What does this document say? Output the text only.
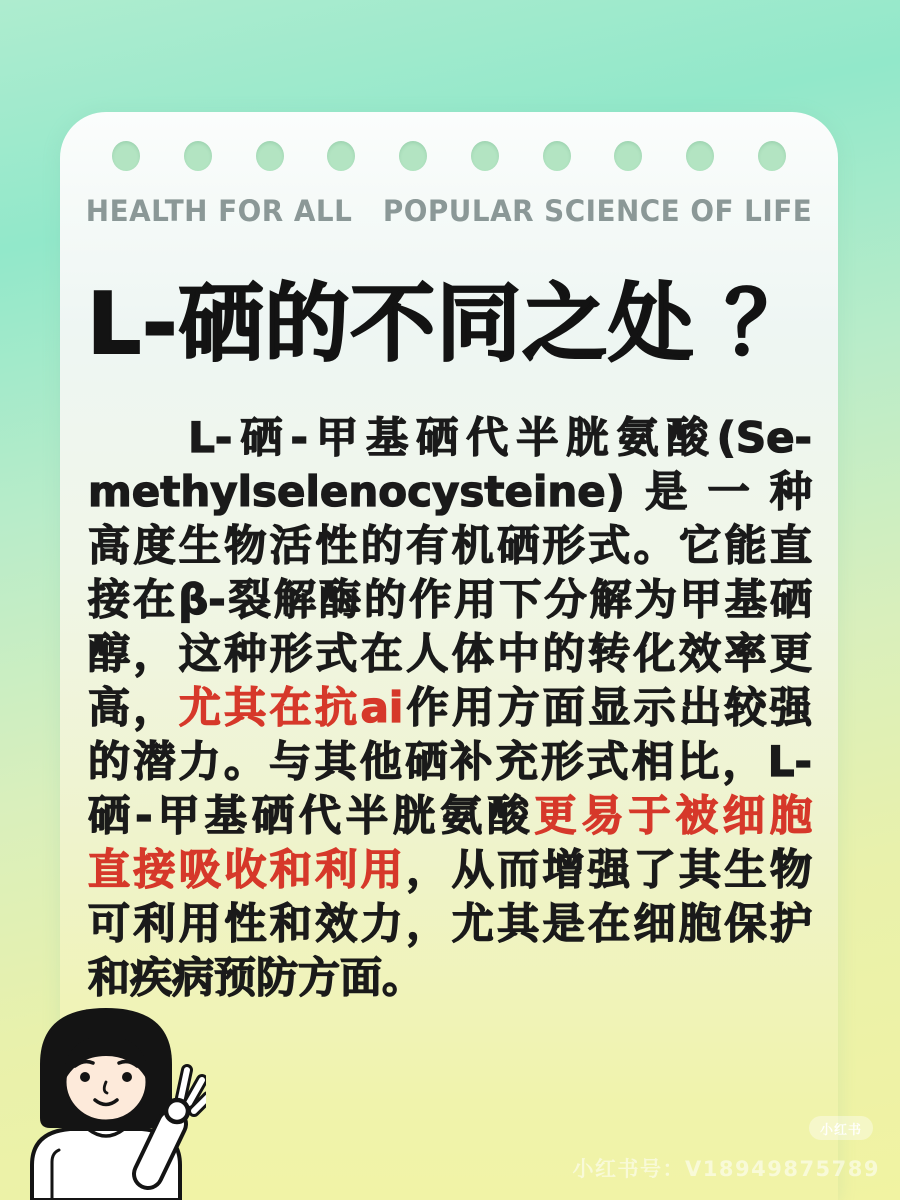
HEALTH FOR ALL   POPULAR SCIENCE OF LIFE
L-硒的不同之处 ？
　　L-硒-甲基硒代半胱氨酸(Se-
methylselenocysteine)是一种
高度生物活性的有机硒形式。它能直
接在β-裂解酶的作用下分解为甲基硒
醇，这种形式在人体中的转化效率更
高，尤其在抗ai作用方面显示出较强
的潜力。与其他硒补充形式相比，L-
硒-甲基硒代半胱氨酸更易于被细胞
直接吸收和利用，从而增强了其生物
可利用性和效力，尤其是在细胞保护
和疾病预防方面。
小红书
小红书号：V18949875789
